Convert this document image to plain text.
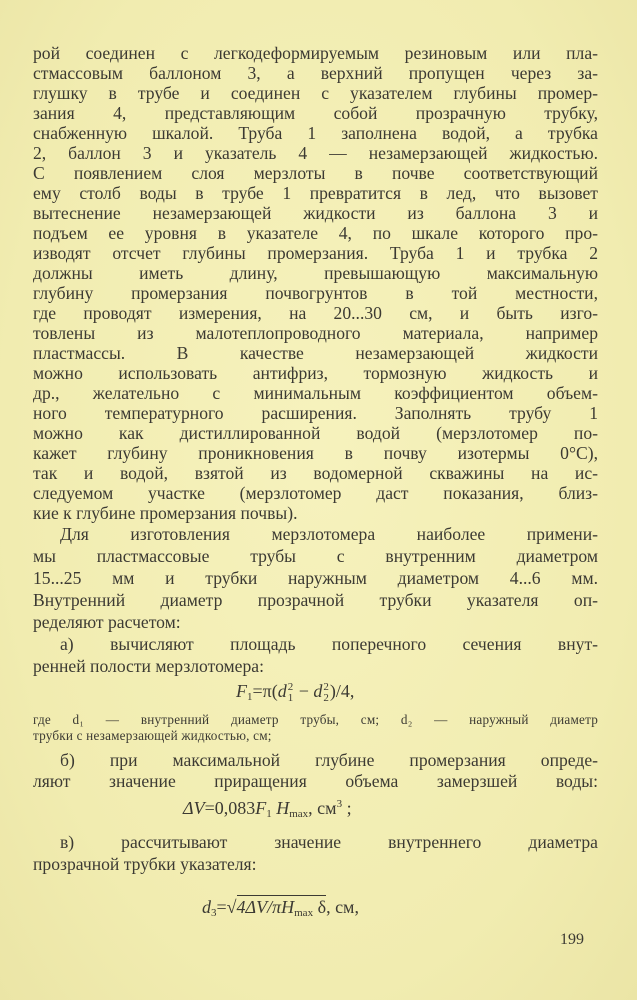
рой соединен с легкодеформируемым резиновым или пла-
стмассовым баллоном 3, а верхний пропущен через за-
глушку в трубе и соединен с указателем глубины промер-
зания 4, представляющим собой прозрачную трубку,
снабженную шкалой. Труба 1 заполнена водой, а трубка
2, баллон 3 и указатель 4 — незамерзающей жидкостью.
С появлением слоя мерзлоты в почве соответствующий
ему столб воды в трубе 1 превратится в лед, что вызовет
вытеснение незамерзающей жидкости из баллона 3 и
подъем ее уровня в указателе 4, по шкале которого про-
изводят отсчет глубины промерзания. Труба 1 и трубка 2
должны иметь длину, превышающую максимальную
глубину промерзания почвогрунтов в той местности,
где проводят измерения, на 20...30 см, и быть изго-
товлены из малотеплопроводного материала, например
пластмассы. В качестве незамерзающей жидкости
можно использовать антифриз, тормозную жидкость и
др., желательно с минимальным коэффициентом объем-
ного температурного расширения. Заполнять трубу 1
можно как дистиллированной водой (мерзлотомер по-
кажет глубину проникновения в почву изотермы 0°С),
так и водой, взятой из водомерной скважины на ис-
следуемом участке (мерзлотомер даст показания, близ-
кие к глубине промерзания почвы).
Для изготовления мерзлотомера наиболее примени-
мы пластмассовые трубы с внутренним диаметром
15...25 мм и трубки наружным диаметром 4...6 мм.
Внутренний диаметр прозрачной трубки указателя оп-
ределяют расчетом:
а) вычисляют площадь поперечного сечения внут-
ренней полости мерзлотомера:
где d₁ — внутренний диаметр трубы, см; d₂ — наружный диаметр
трубки с незамерзающей жидкостью, см;
б) при максимальной глубине промерзания опреде-
ляют значение приращения объема замерзшей воды:
в) рассчитывают значение внутреннего диаметра
прозрачной трубки указателя:
$F_1=\pi(d$ 2
1 − d 2
2 )/4,
$\Delta V=0,083F_1$ $H_{max}$, $см^3$ ;
$d_3=√4\Delta V/\pi H_{max}$ δ, см,
199
